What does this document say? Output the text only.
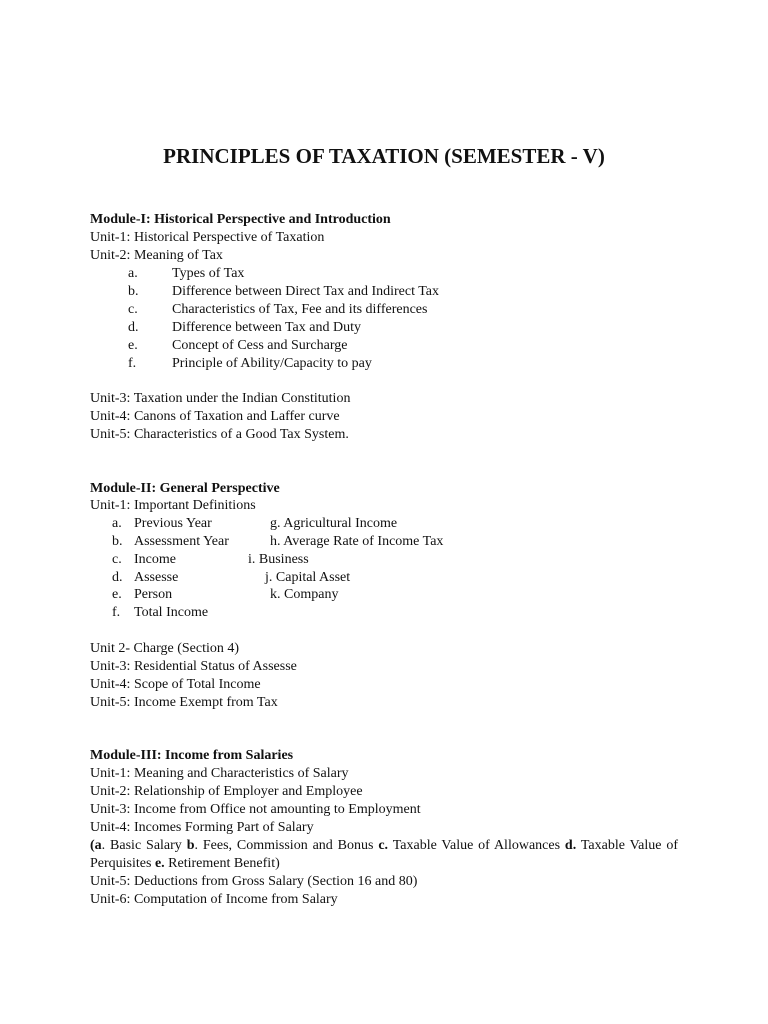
PRINCIPLES OF TAXATION (SEMESTER - V)
Module-I: Historical Perspective and Introduction
Unit-1: Historical Perspective of Taxation
Unit-2: Meaning of Tax
a. Types of Tax
b. Difference between Direct Tax and Indirect Tax
c. Characteristics of Tax, Fee and its differences
d. Difference between Tax and Duty
e. Concept of Cess and Surcharge
f.	Principle of Ability/Capacity to pay
Unit-3: Taxation under the Indian Constitution
Unit-4: Canons of Taxation and Laffer curve
Unit-5: Characteristics of a Good Tax System.
Module-II: General Perspective
Unit-1: Important Definitions
a. Previous Year
b. Assessment Year
c. Income
d. Assesse
e. Person
f. Total Income
g. Agricultural Income
h. Average Rate of Income Tax
i. Business
j. Capital Asset
k. Company
Unit 2- Charge (Section 4)
Unit-3: Residential Status of Assesse
Unit-4: Scope of Total Income
Unit-5: Income Exempt from Tax
Module-III: Income from Salaries
Unit-1: Meaning and Characteristics of Salary
Unit-2: Relationship of Employer and Employee
Unit-3: Income from Office not amounting to Employment
Unit-4: Incomes Forming Part of Salary
(a. Basic Salary b. Fees, Commission and Bonus c. Taxable Value of Allowances d. Taxable Value of Perquisites e. Retirement Benefit)
Unit-5: Deductions from Gross Salary (Section 16 and 80)
Unit-6: Computation of Income from Salary
